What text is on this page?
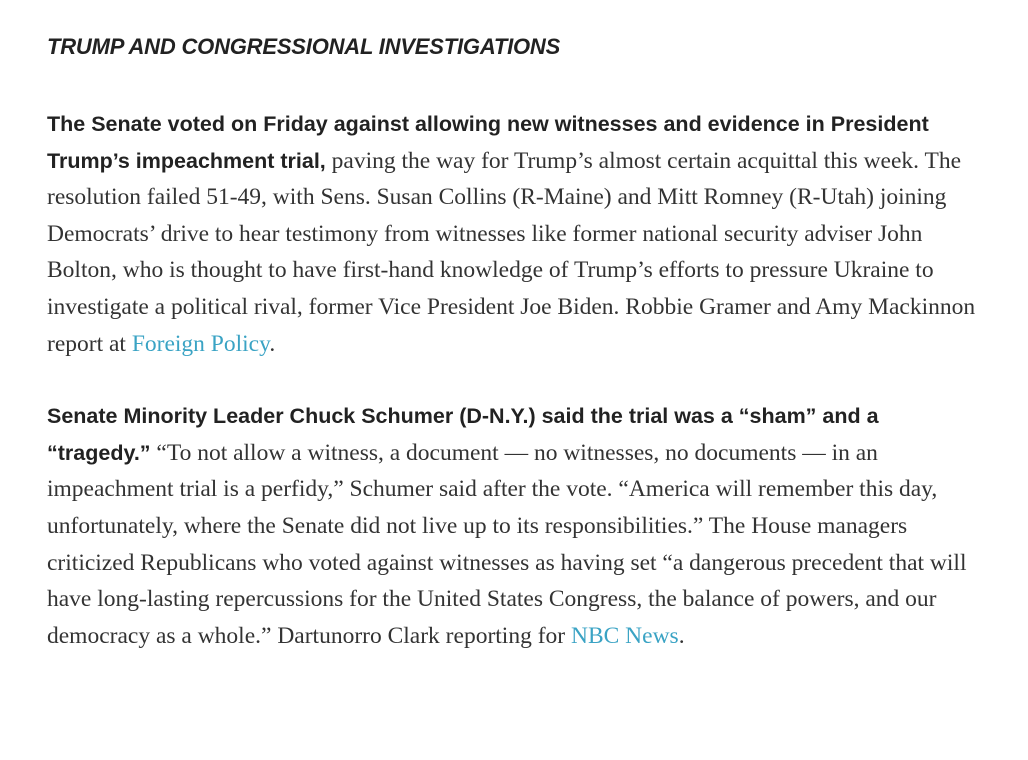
TRUMP AND CONGRESSIONAL INVESTIGATIONS

The Senate voted on Friday against allowing new witnesses and evidence in President Trump’s impeachment trial, paving the way for Trump’s almost certain acquittal this week. The resolution failed 51-49, with Sens. Susan Collins (R-Maine) and Mitt Romney (R-Utah) joining Democrats’ drive to hear testimony from witnesses like former national security adviser John Bolton, who is thought to have first-hand knowledge of Trump’s efforts to pressure Ukraine to investigate a political rival, former Vice President Joe Biden. Robbie Gramer and Amy Mackinnon report at Foreign Policy.

Senate Minority Leader Chuck Schumer (D-N.Y.) said the trial was a “sham” and a “tragedy.” “To not allow a witness, a document — no witnesses, no documents — in an impeachment trial is a perfidy,” Schumer said after the vote. “America will remember this day, unfortunately, where the Senate did not live up to its responsibilities.” The House managers criticized Republicans who voted against witnesses as having set “a dangerous precedent that will have long-lasting repercussions for the United States Congress, the balance of powers, and our democracy as a whole.” Dartunorro Clark reporting for NBC News.
